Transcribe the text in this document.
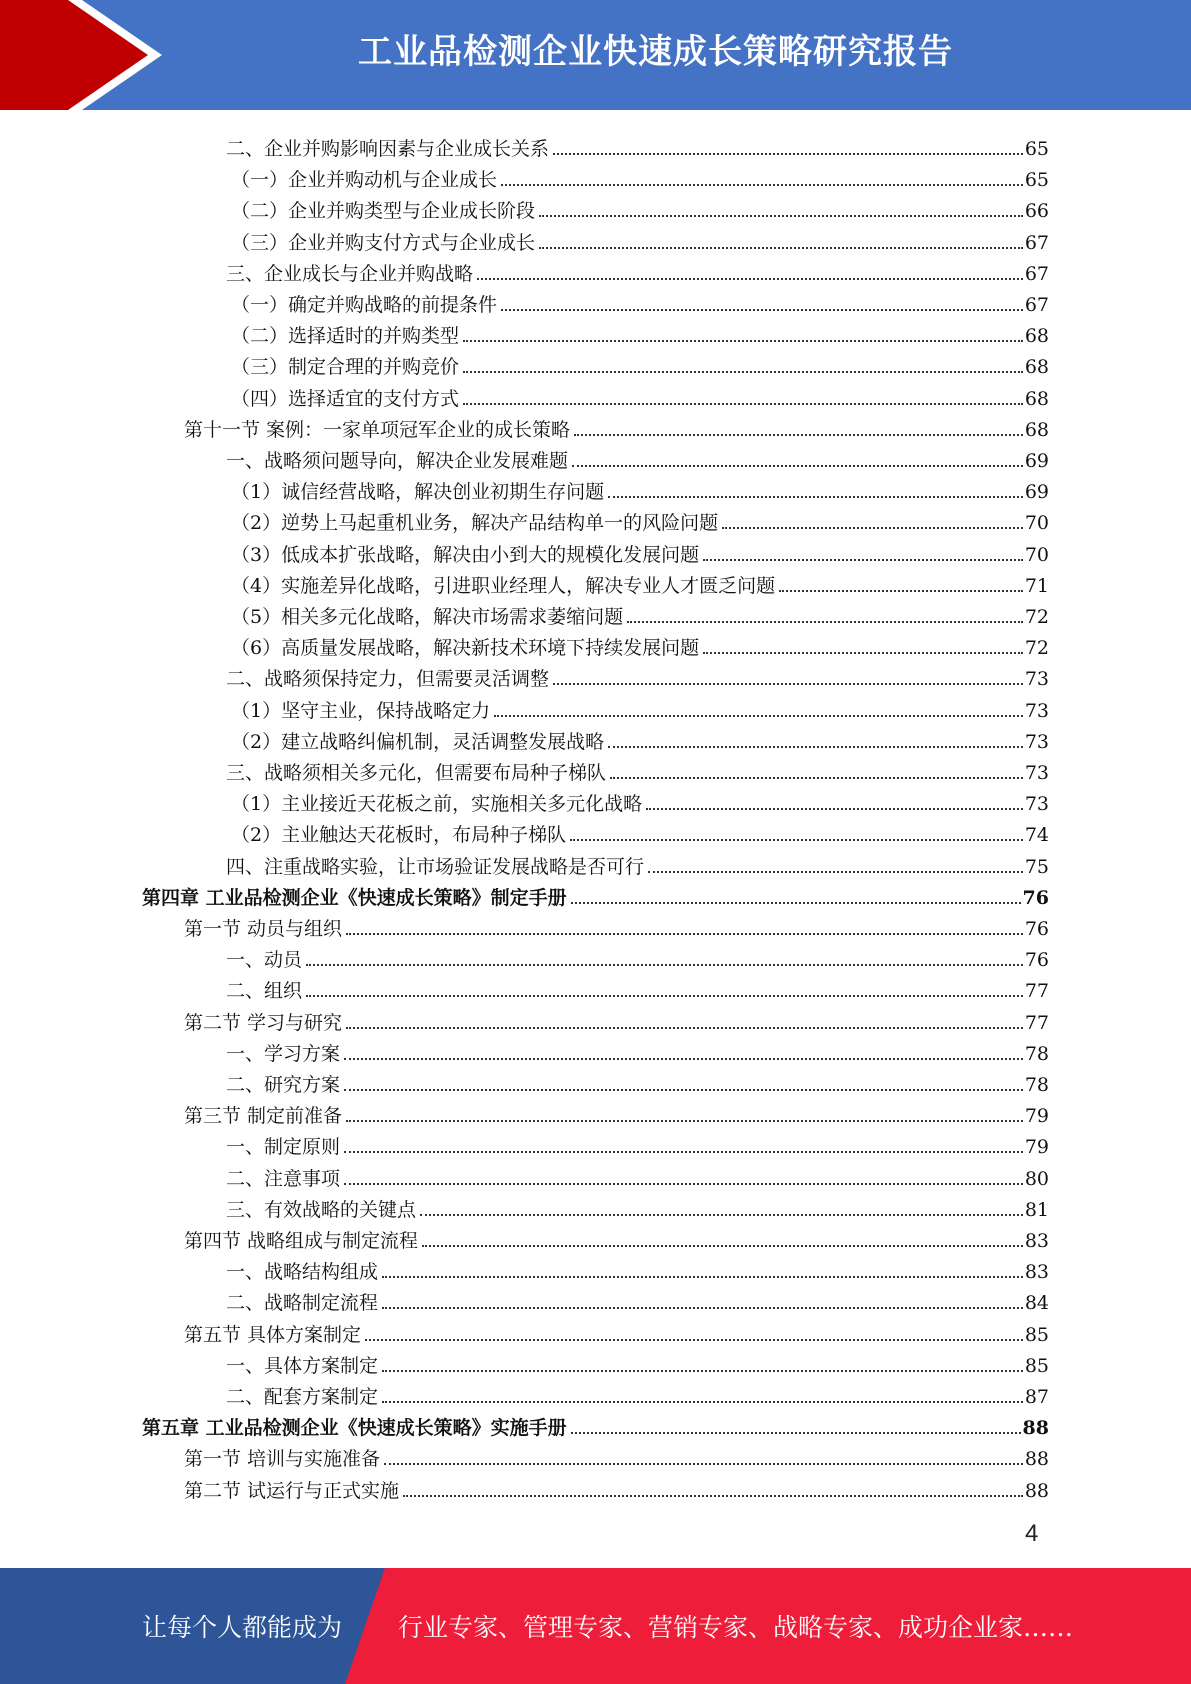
工业品检测企业快速成长策略研究报告
二、企业并购影响因素与企业成长关系	65
（一）企业并购动机与企业成长	65
（二）企业并购类型与企业成长阶段	66
（三）企业并购支付方式与企业成长	67
三、企业成长与企业并购战略	67
（一）确定并购战略的前提条件	67
（二）选择适时的并购类型	68
（三）制定合理的并购竞价	68
（四）选择适宜的支付方式	68
第十一节 案例：一家单项冠军企业的成长策略	68
一、战略须问题导向，解决企业发展难题	69
（1）诚信经营战略，解决创业初期生存问题	69
（2）逆势上马起重机业务，解决产品结构单一的风险问题	70
（3）低成本扩张战略，解决由小到大的规模化发展问题	70
（4）实施差异化战略，引进职业经理人，解决专业人才匮乏问题	71
（5）相关多元化战略，解决市场需求萎缩问题	72
（6）高质量发展战略，解决新技术环境下持续发展问题	72
二、战略须保持定力，但需要灵活调整	73
（1）坚守主业，保持战略定力	73
（2）建立战略纠偏机制，灵活调整发展战略	73
三、战略须相关多元化，但需要布局种子梯队	73
（1）主业接近天花板之前，实施相关多元化战略	73
（2）主业触达天花板时，布局种子梯队	74
四、注重战略实验，让市场验证发展战略是否可行	75
第四章 工业品检测企业《快速成长策略》制定手册	76
第一节 动员与组织	76
一、动员	76
二、组织	77
第二节 学习与研究	77
一、学习方案	78
二、研究方案	78
第三节 制定前准备	79
一、制定原则	79
二、注意事项	80
三、有效战略的关键点	81
第四节 战略组成与制定流程	83
一、战略结构组成	83
二、战略制定流程	84
第五节 具体方案制定	85
一、具体方案制定	85
二、配套方案制定	87
第五章 工业品检测企业《快速成长策略》实施手册	88
第一节 培训与实施准备	88
第二节 试运行与正式实施	88
4
让每个人都能成为 行业专家、管理专家、营销专家、战略专家、成功企业家……
